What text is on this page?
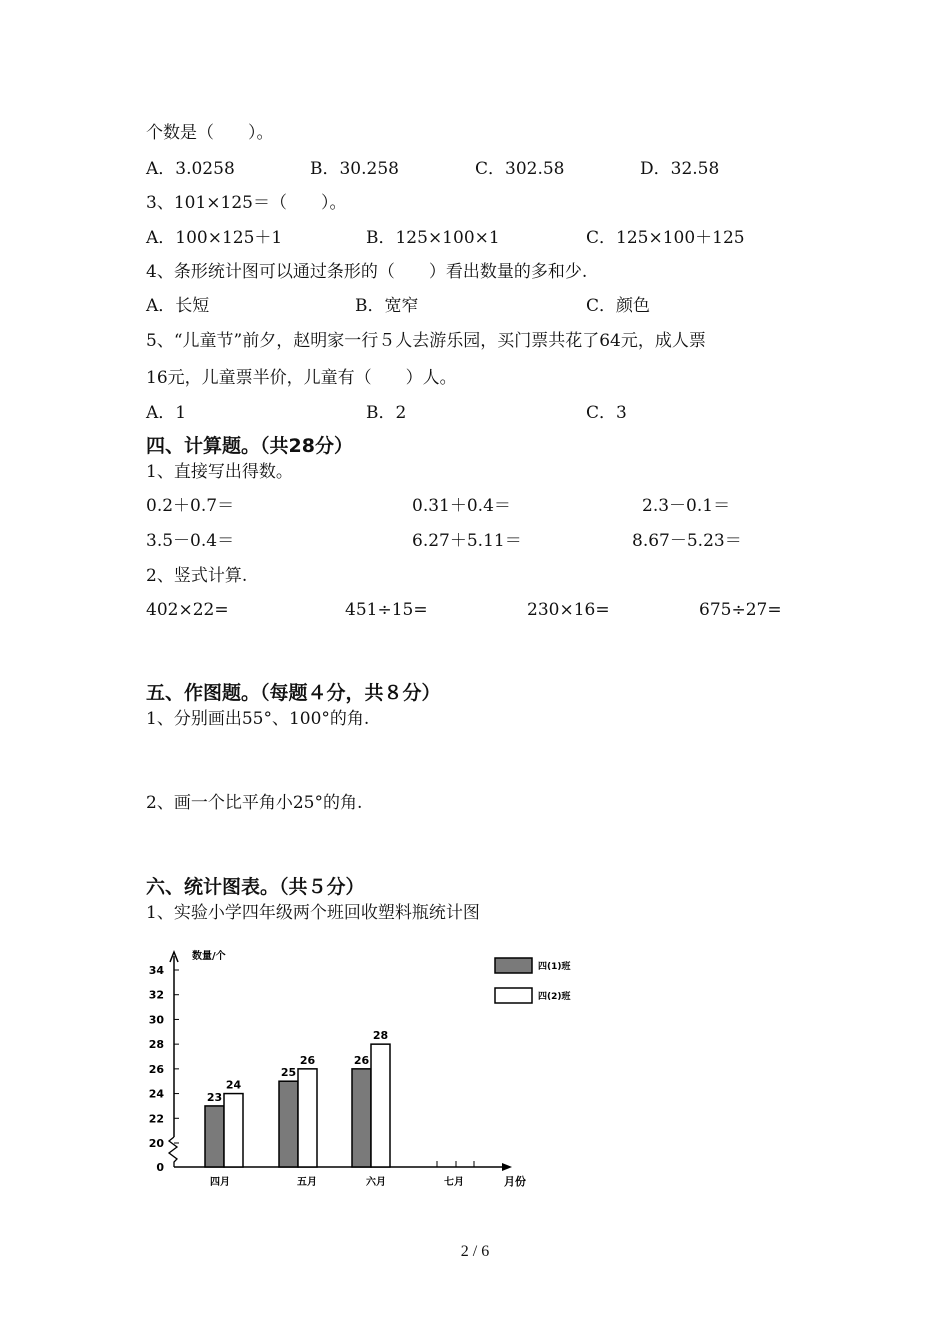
个数是（　　）。
A．3.0258	B．30.258	C．302.58	D．32.58
3、101×125＝（　　）。
A．100×125＋1	B．125×100×1	C．125×100＋125
4、条形统计图可以通过条形的（　　）看出数量的多和少.
A．长短	B．宽窄	C．颜色
5、“儿童节”前夕，赵明家一行５人去游乐园，买门票共花了64元，成人票
16元，儿童票半价，儿童有（　　）人。
A．1	B．2	C．3
四、计算题。（共28分）
1、直接写出得数。
0.2＋0.7＝	0.31＋0.4＝	2.3－0.1＝
3.5－0.4＝	6.27＋5.11＝	8.67－5.23＝
2、竖式计算.
402×22=	451÷15=	230×16=	675÷27=
五、作图题。（每题４分，共８分）
1、分别画出55°、100°的角.
2、画一个比平角小25°的角.
六、统计图表。（共５分）
1、实验小学四年级两个班回收塑料瓶统计图
0
20
22
24
26
28
30
32
34
数量/个
月份
四月
23
24
五月
25
26
六月
26
28
七月
四(1)班
四(2)班
2 / 6
